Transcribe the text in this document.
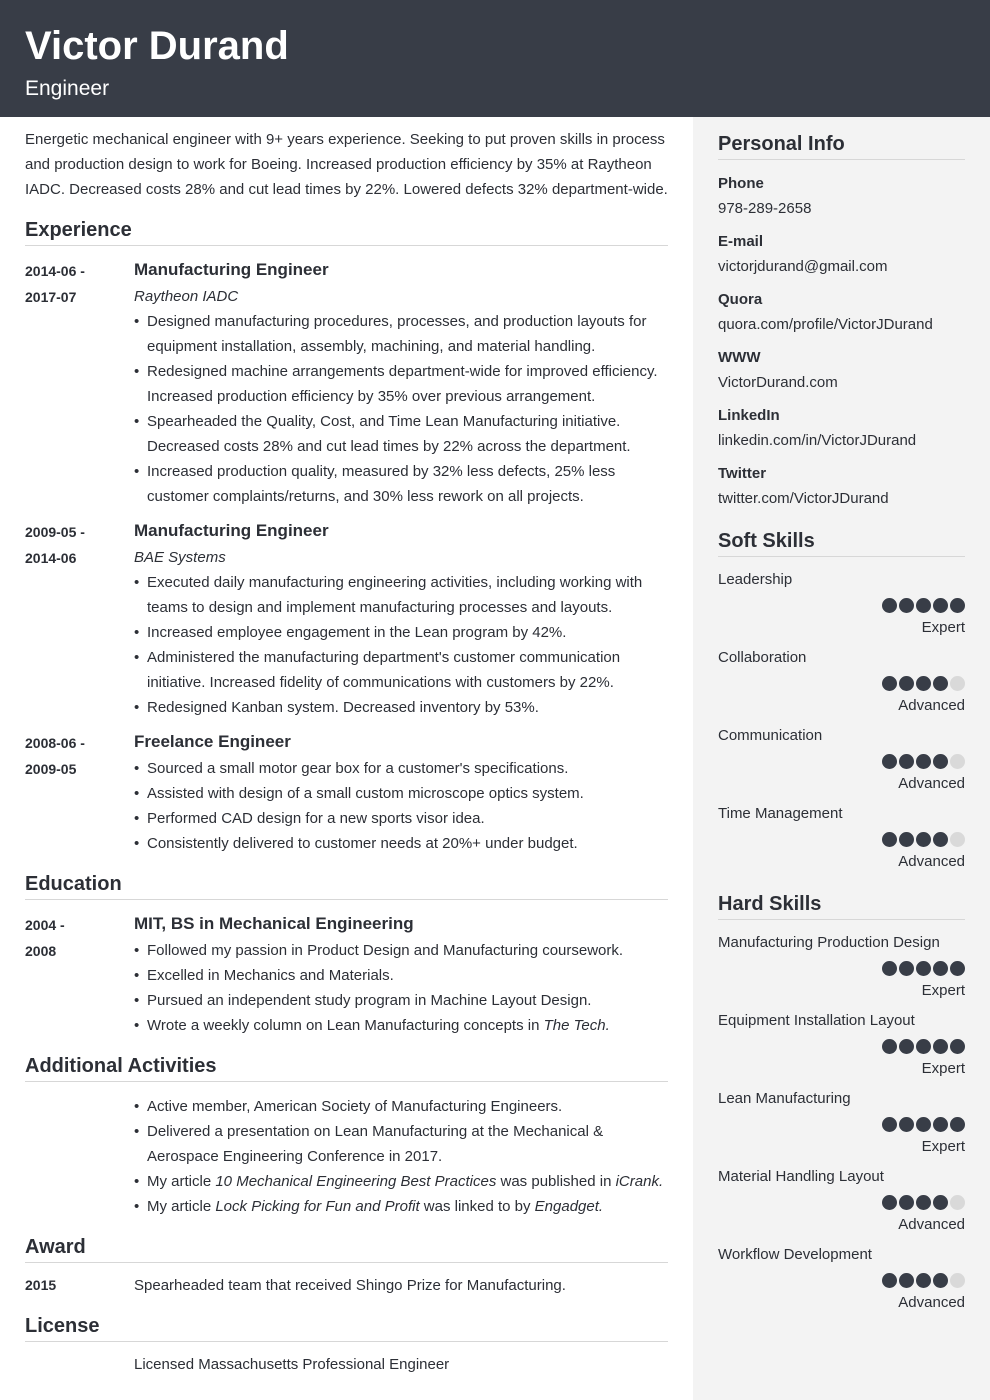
Victor Durand
Engineer
Personal Info
Phone
978-289-2658
E-mail
victorjdurand@gmail.com
Quora
quora.com/profile/VictorJDurand
WWW
VictorDurand.com
LinkedIn
linkedin.com/in/VictorJDurand
Twitter
twitter.com/VictorJDurand
Soft Skills
Leadership
Expert
Collaboration
Advanced
Communication
Advanced
Time Management
Advanced
Hard Skills
Manufacturing Production Design
Expert
Equipment Installation Layout
Expert
Lean Manufacturing
Expert
Material Handling Layout
Advanced
Workflow Development
Advanced

Energetic mechanical engineer with 9+ years experience. Seeking to put proven skills in process and production design to work for Boeing. Increased production efficiency by 35% at Raytheon IADC. Decreased costs 28% and cut lead times by 22%. Lowered defects 32% department-wide.

Experience
2014-06 -
2017-07
Manufacturing Engineer
Raytheon IADC
• Designed manufacturing procedures, processes, and production layouts for equipment installation, assembly, machining, and material handling.
• Redesigned machine arrangements department-wide for improved efficiency. Increased production efficiency by 35% over previous arrangement.
• Spearheaded the Quality, Cost, and Time Lean Manufacturing initiative. Decreased costs 28% and cut lead times by 22% across the department.
• Increased production quality, measured by 32% less defects, 25% less customer complaints/returns, and 30% less rework on all projects.
2009-05 -
2014-06
Manufacturing Engineer
BAE Systems
• Executed daily manufacturing engineering activities, including working with teams to design and implement manufacturing processes and layouts.
• Increased employee engagement in the Lean program by 42%.
• Administered the manufacturing department's customer communication initiative. Increased fidelity of communications with customers by 22%.
• Redesigned Kanban system. Decreased inventory by 53%.
2008-06 -
2009-05
Freelance Engineer
• Sourced a small motor gear box for a customer's specifications.
• Assisted with design of a small custom microscope optics system.
• Performed CAD design for a new sports visor idea.
• Consistently delivered to customer needs at 20%+ under budget.
Education
2004 -
2008
MIT, BS in Mechanical Engineering
• Followed my passion in Product Design and Manufacturing coursework.
• Excelled in Mechanics and Materials.
• Pursued an independent study program in Machine Layout Design.
• Wrote a weekly column on Lean Manufacturing concepts in The Tech.
Additional Activities
• Active member, American Society of Manufacturing Engineers.
• Delivered a presentation on Lean Manufacturing at the Mechanical & Aerospace Engineering Conference in 2017.
• My article 10 Mechanical Engineering Best Practices was published in iCrank.
• My article Lock Picking for Fun and Profit was linked to by Engadget.
Award
2015	Spearheaded team that received Shingo Prize for Manufacturing.
License
Licensed Massachusetts Professional Engineer
